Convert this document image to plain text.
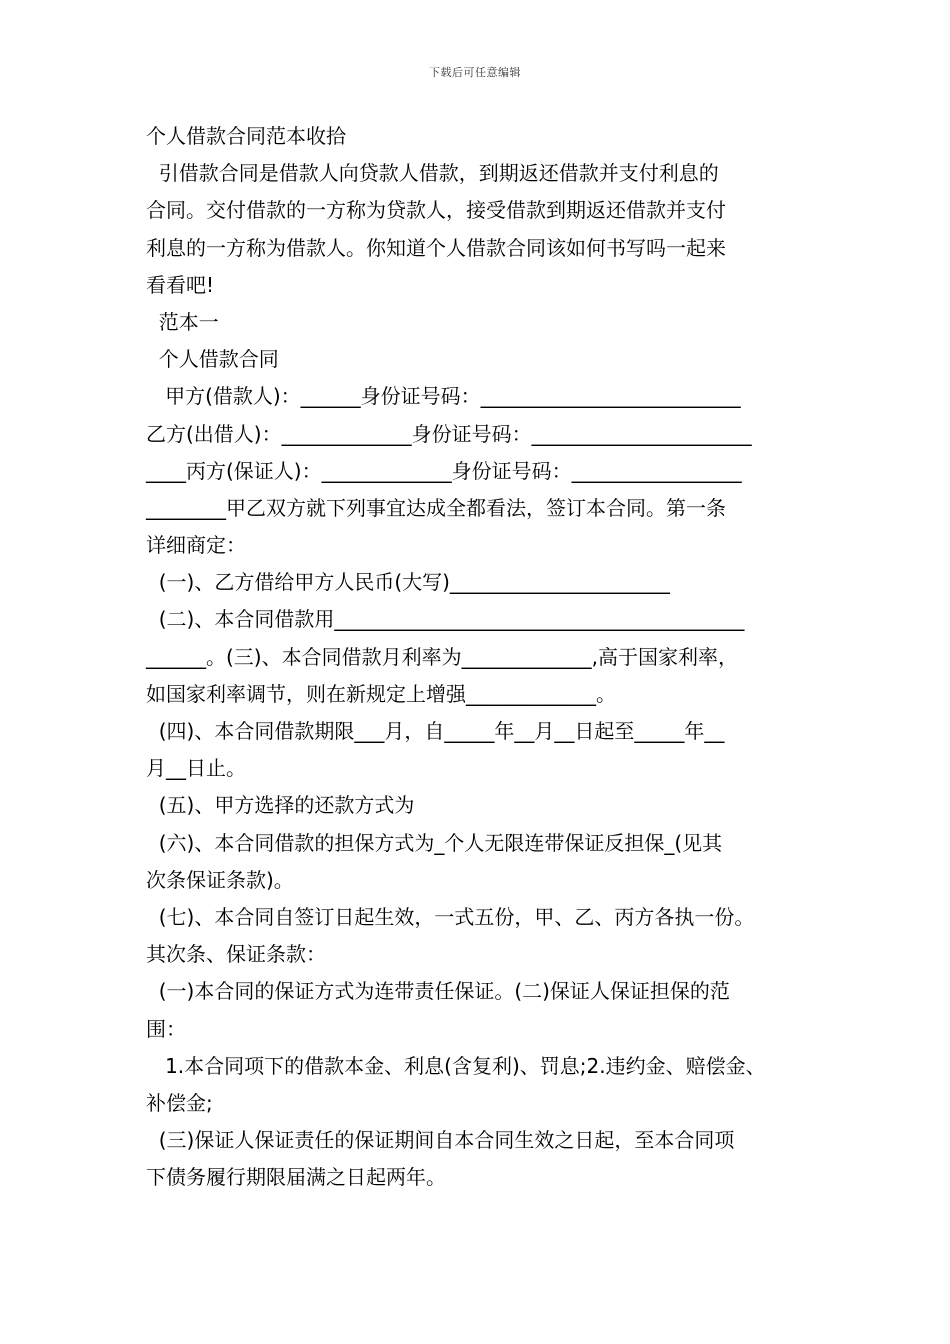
下载后可任意编辑
个人借款合同范本收拾
引借款合同是借款人向贷款人借款，到期返还借款并支付利息的
合同。交付借款的一方称为贷款人，接受借款到期返还借款并支付
利息的一方称为借款人。你知道个人借款合同该如何书写吗一起来
看看吧!
范本一
个人借款合同
甲方(借款人)：______身份证号码：__________________________
乙方(出借人)：_____________身份证号码：______________________
____丙方(保证人)：_____________身份证号码：_________________
________甲乙双方就下列事宜达成全都看法，签订本合同。第一条
详细商定：
(一)、乙方借给甲方人民币(大写)______________________
(二)、本合同借款用_________________________________________
______。(三)、本合同借款月利率为_____________,高于国家利率，
如国家利率调节，则在新规定上增强_____________。
(四)、本合同借款期限___月，自_____年__月__日起至_____年__
月__日止。
(五)、甲方选择的还款方式为
(六)、本合同借款的担保方式为_个人无限连带保证反担保_(见其
次条保证条款)。
(七)、本合同自签订日起生效，一式五份，甲、乙、丙方各执一份。
其次条、保证条款：
(一)本合同的保证方式为连带责任保证。(二)保证人保证担保的范
围：
1.本合同项下的借款本金、利息(含复利)、罚息;2.违约金、赔偿金、
补偿金;
(三)保证人保证责任的保证期间自本合同生效之日起，至本合同项
下债务履行期限届满之日起两年。
